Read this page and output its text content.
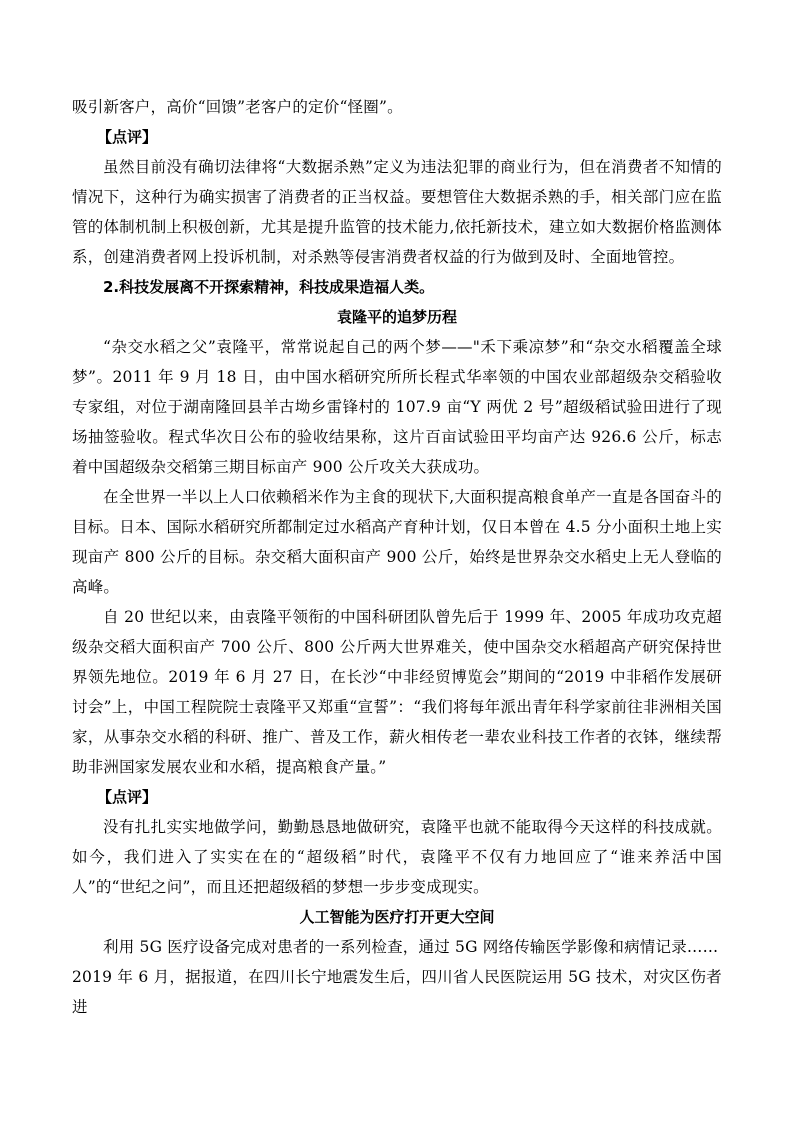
吸引新客户，高价“回馈”老客户的定价“怪圈”。

【点评】

虽然目前没有确切法律将“大数据杀熟”定义为违法犯罪的商业行为，但在消费者不知情的情况下，这种行为确实损害了消费者的正当权益。要想管住大数据杀熟的手，相关部门应在监管的体制机制上积极创新，尤其是提升监管的技术能力,依托新技术，建立如大数据价格监测体系，创建消费者网上投诉机制，对杀熟等侵害消费者权益的行为做到及时、全面地管控。

2.科技发展离不开探索精神，科技成果造福人类。

袁隆平的追梦历程

“杂交水稻之父”袁隆平，常常说起自己的两个梦——"禾下乘凉梦”和“杂交水稻覆盖全球梦”。2011 年 9 月 18 日，由中国水稻研究所所长程式华率领的中国农业部超级杂交稻验收专家组，对位于湖南隆回县羊古坳乡雷锋村的 107.9 亩“Y 两优 2 号”超级稻试验田进行了现场抽签验收。程式华次日公布的验收结果称，这片百亩试验田平均亩产达 926.6 公斤，标志着中国超级杂交稻第三期目标亩产 900 公斤攻关大获成功。

在全世界一半以上人口依赖稻米作为主食的现状下,大面积提高粮食单产一直是各国奋斗的目标。日本、国际水稻研究所都制定过水稻高产育种计划，仅日本曾在 4.5 分小面积土地上实现亩产 800 公斤的目标。杂交稻大面积亩产 900 公斤，始终是世界杂交水稻史上无人登临的高峰。

自 20 世纪以来，由袁隆平领衔的中国科研团队曾先后于 1999 年、2005 年成功攻克超级杂交稻大面积亩产 700 公斤、800 公斤两大世界难关，使中国杂交水稻超高产研究保持世界领先地位。2019 年 6 月 27 日，在长沙“中非经贸博览会”期间的“2019 中非稻作发展研讨会”上，中国工程院院士袁隆平又郑重“宣誓”：“我们将每年派出青年科学家前往非洲相关国家，从事杂交水稻的科研、推广、普及工作，薪火相传老一辈农业科技工作者的衣钵，继续帮助非洲国家发展农业和水稻，提高粮食产量。”

【点评】

没有扎扎实实地做学问，勤勤恳恳地做研究，袁隆平也就不能取得今天这样的科技成就。如今，我们进入了实实在在的“超级稻”时代，袁隆平不仅有力地回应了“谁来养活中国人”的“世纪之问”，而且还把超级稻的梦想一步步变成现实。

人工智能为医疗打开更大空间

利用 5G 医疗设备完成对患者的一系列检查，通过 5G 网络传输医学影像和病情记录……

2019 年 6 月，据报道，在四川长宁地震发生后，四川省人民医院运用 5G 技术，对灾区伤者进
